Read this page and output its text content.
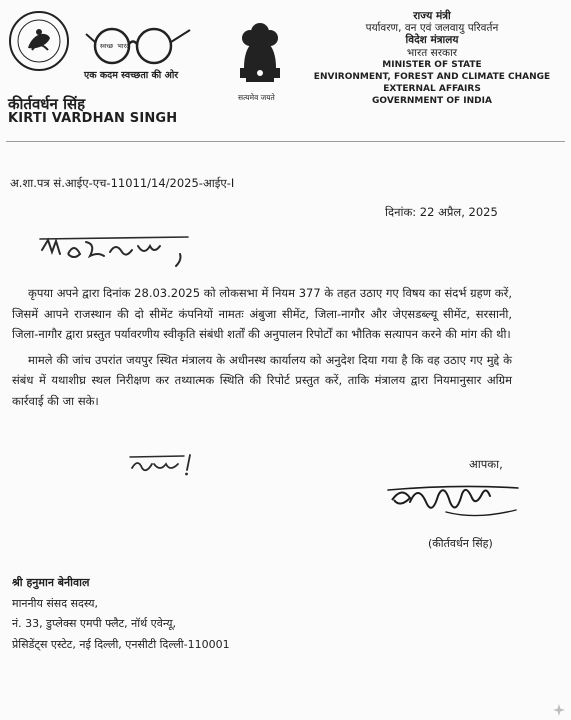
स्वच्छ  भारत
एक कदम स्वच्छता की ओर
सत्यमेव जयते
कीर्तवर्धन सिंह
KIRTI VARDHAN SINGH
राज्य मंत्री
पर्यावरण, वन एवं जलवायु परिवर्तन
विदेश मंत्रालय
भारत सरकार
MINISTER OF STATE
ENVIRONMENT, FOREST AND CLIMATE CHANGE
EXTERNAL AFFAIRS
GOVERNMENT OF INDIA
अ.शा.पत्र सं.आईए-एच-11011/14/2025-आईए-I
दिनांक: 22 अप्रैल, 2025

कृपया अपने द्वारा दिनांक 28.03.2025 को लोकसभा में नियम 377 के तहत उठाए गए विषय का संदर्भ ग्रहण करें, जिसमें आपने राजस्थान की दो सीमेंट कंपनियों नामतः अंबुजा सीमेंट, जिला-नागौर और जेएसडब्ल्यू सीमेंट, सरसानी, जिला-नागौर द्वारा प्रस्तुत पर्यावरणीय स्वीकृति संबंधी शर्तों की अनुपालन रिपोर्टों का भौतिक सत्यापन करने की मांग की थी।

मामले की जांच उपरांत जयपुर स्थित मंत्रालय के अधीनस्थ कार्यालय को अनुदेश दिया गया है कि वह उठाए गए मुद्दे के संबंध में यथाशीघ्र स्थल निरीक्षण कर तथ्यात्मक स्थिति की रिपोर्ट प्रस्तुत करें, ताकि मंत्रालय द्वारा नियमानुसार अग्रिम कार्रवाई की जा सके।

आपका,
(कीर्तवर्धन सिंह)
श्री हनुमान बेनीवाल
माननीय संसद सदस्य,
नं. 33, डुप्लेक्स एमपी फ्लैट, नॉर्थ एवेन्यू,
प्रेसिडेंट्स एस्टेट, नई दिल्ली, एनसीटी दिल्ली-110001
